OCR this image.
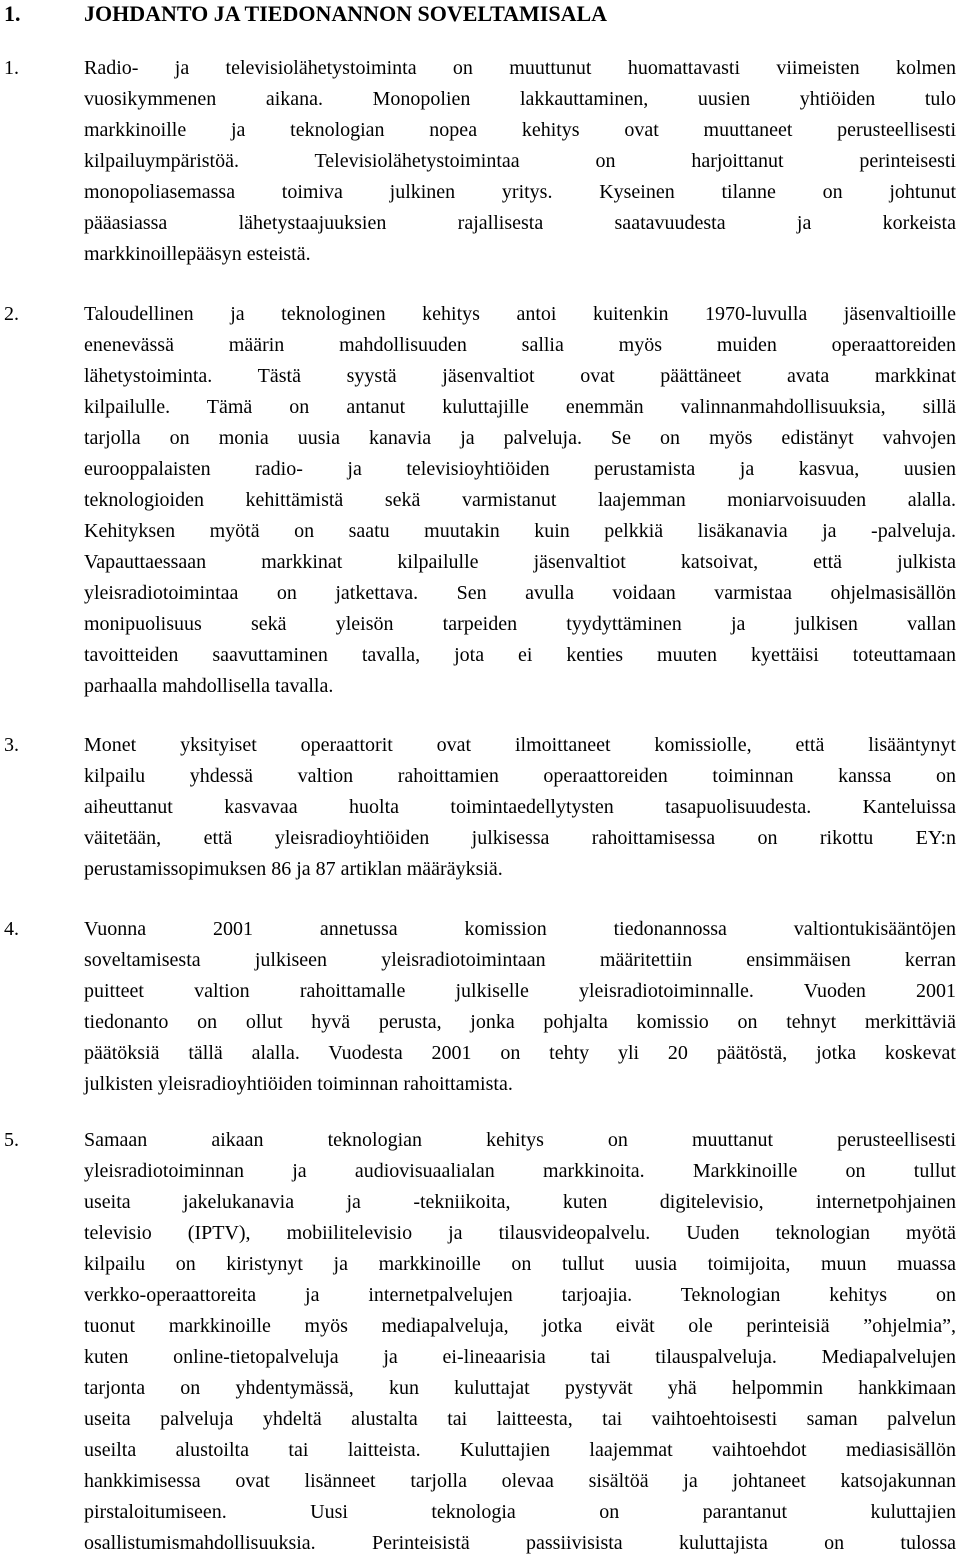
1.	JOHDANTO JA TIEDONANNON SOVELTAMISALA
1.	Radio- ja televisiolähetystoiminta on muuttunut huomattavasti viimeisten kolmen
vuosikymmenen aikana. Monopolien lakkauttaminen, uusien yhtiöiden tulo
markkinoille ja teknologian nopea kehitys ovat muuttaneet perusteellisesti
kilpailuympäristöä. Televisiolähetystoimintaa on harjoittanut perinteisesti
monopoliasemassa toimiva julkinen yritys. Kyseinen tilanne on johtunut
pääasiassa lähetystaajuuksien rajallisesta saatavuudesta ja korkeista
markkinoillepääsyn esteistä.
2.	Taloudellinen ja teknologinen kehitys antoi kuitenkin 1970-luvulla jäsenvaltioille
enenevässä määrin mahdollisuuden sallia myös muiden operaattoreiden
lähetystoiminta. Tästä syystä jäsenvaltiot ovat päättäneet avata markkinat
kilpailulle. Tämä on antanut kuluttajille enemmän valinnanmahdollisuuksia, sillä
tarjolla on monia uusia kanavia ja palveluja. Se on myös edistänyt vahvojen
eurooppalaisten radio- ja televisioyhtiöiden perustamista ja kasvua, uusien
teknologioiden kehittämistä sekä varmistanut laajemman moniarvoisuuden alalla.
Kehityksen myötä on saatu muutakin kuin pelkkiä lisäkanavia ja -palveluja.
Vapauttaessaan markkinat kilpailulle jäsenvaltiot katsoivat, että julkista
yleisradiotoimintaa on jatkettava. Sen avulla voidaan varmistaa ohjelmasisällön
monipuolisuus sekä yleisön tarpeiden tyydyttäminen ja julkisen vallan
tavoitteiden saavuttaminen tavalla, jota ei kenties muuten kyettäisi toteuttamaan
parhaalla mahdollisella tavalla.
3.	Monet yksityiset operaattorit ovat ilmoittaneet komissiolle, että lisääntynyt
kilpailu yhdessä valtion rahoittamien operaattoreiden toiminnan kanssa on
aiheuttanut kasvavaa huolta toimintaedellytysten tasapuolisuudesta. Kanteluissa
väitetään, että yleisradioyhtiöiden julkisessa rahoittamisessa on rikottu EY:n
perustamissopimuksen 86 ja 87 artiklan määräyksiä.
4.	Vuonna 2001 annetussa komission tiedonannossa valtiontukisääntöjen
soveltamisesta julkiseen yleisradiotoimintaan määritettiin ensimmäisen kerran
puitteet valtion rahoittamalle julkiselle yleisradiotoiminnalle. Vuoden 2001
tiedonanto on ollut hyvä perusta, jonka pohjalta komissio on tehnyt merkittäviä
päätöksiä tällä alalla. Vuodesta 2001 on tehty yli 20 päätöstä, jotka koskevat
julkisten yleisradioyhtiöiden toiminnan rahoittamista.
5.	Samaan aikaan teknologian kehitys on muuttanut perusteellisesti
yleisradiotoiminnan ja audiovisuaalialan markkinoita. Markkinoille on tullut
useita jakelukanavia ja -tekniikoita, kuten digitelevisio, internetpohjainen
televisio (IPTV), mobiilitelevisio ja tilausvideopalvelu. Uuden teknologian myötä
kilpailu on kiristynyt ja markkinoille on tullut uusia toimijoita, muun muassa
verkko-operaattoreita ja internetpalvelujen tarjoajia. Teknologian kehitys on
tuonut markkinoille myös mediapalveluja, jotka eivät ole perinteisiä ”ohjelmia”,
kuten online-tietopalveluja ja ei-lineaarisia tai tilauspalveluja. Mediapalvelujen
tarjonta on yhdentymässä, kun kuluttajat pystyvät yhä helpommin hankkimaan
useita palveluja yhdeltä alustalta tai laitteesta, tai vaihtoehtoisesti saman palvelun
useilta alustoilta tai laitteista. Kuluttajien laajemmat vaihtoehdot mediasisällön
hankkimisessa ovat lisänneet tarjolla olevaa sisältöä ja johtaneet katsojakunnan
pirstaloitumiseen. Uusi teknologia on parantanut kuluttajien
osallistumismahdollisuuksia. Perinteisistä passiivisista kuluttajista on tulossa
